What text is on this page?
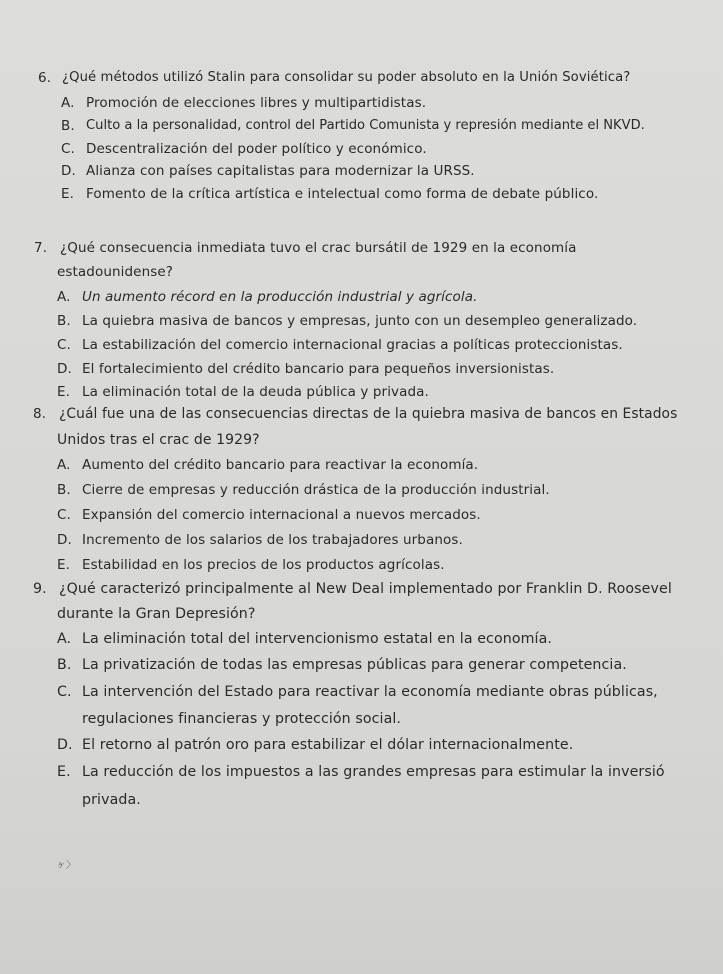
6. ¿Qué métodos utilizó Stalin para consolidar su poder absoluto en la Unión Soviética?
A. Promoción de elecciones libres y multipartidistas.
B. Culto a la personalidad, control del Partido Comunista y represión mediante el NKVD.
C. Descentralización del poder político y económico.
D. Alianza con países capitalistas para modernizar la URSS.
E. Fomento de la crítica artística e intelectual como forma de debate público.
7. ¿Qué consecuencia inmediata tuvo el crac bursátil de 1929 en la economía
estadounidense?
A. Un aumento récord en la producción industrial y agrícola.
B. La quiebra masiva de bancos y empresas, junto con un desempleo generalizado.
C. La estabilización del comercio internacional gracias a políticas proteccionistas.
D. El fortalecimiento del crédito bancario para pequeños inversionistas.
E. La eliminación total de la deuda pública y privada.
8. ¿Cuál fue una de las consecuencias directas de la quiebra masiva de bancos en Estados
Unidos tras el crac de 1929?
A. Aumento del crédito bancario para reactivar la economía.
B. Cierre de empresas y reducción drástica de la producción industrial.
C. Expansión del comercio internacional a nuevos mercados.
D. Incremento de los salarios de los trabajadores urbanos.
E. Estabilidad en los precios de los productos agrícolas.
9. ¿Qué caracterizó principalmente al New Deal implementado por Franklin D. Roosevel
durante la Gran Depresión?
A. La eliminación total del intervencionismo estatal en la economía.
B. La privatización de todas las empresas públicas para generar competencia.
C. La intervención del Estado para reactivar la economía mediante obras públicas,
regulaciones financieras y protección social.
D. El retorno al patrón oro para estabilizar el dólar internacionalmente.
E. La reducción de los impuestos a las grandes empresas para estimular la inversió
privada.
ヶ〉
